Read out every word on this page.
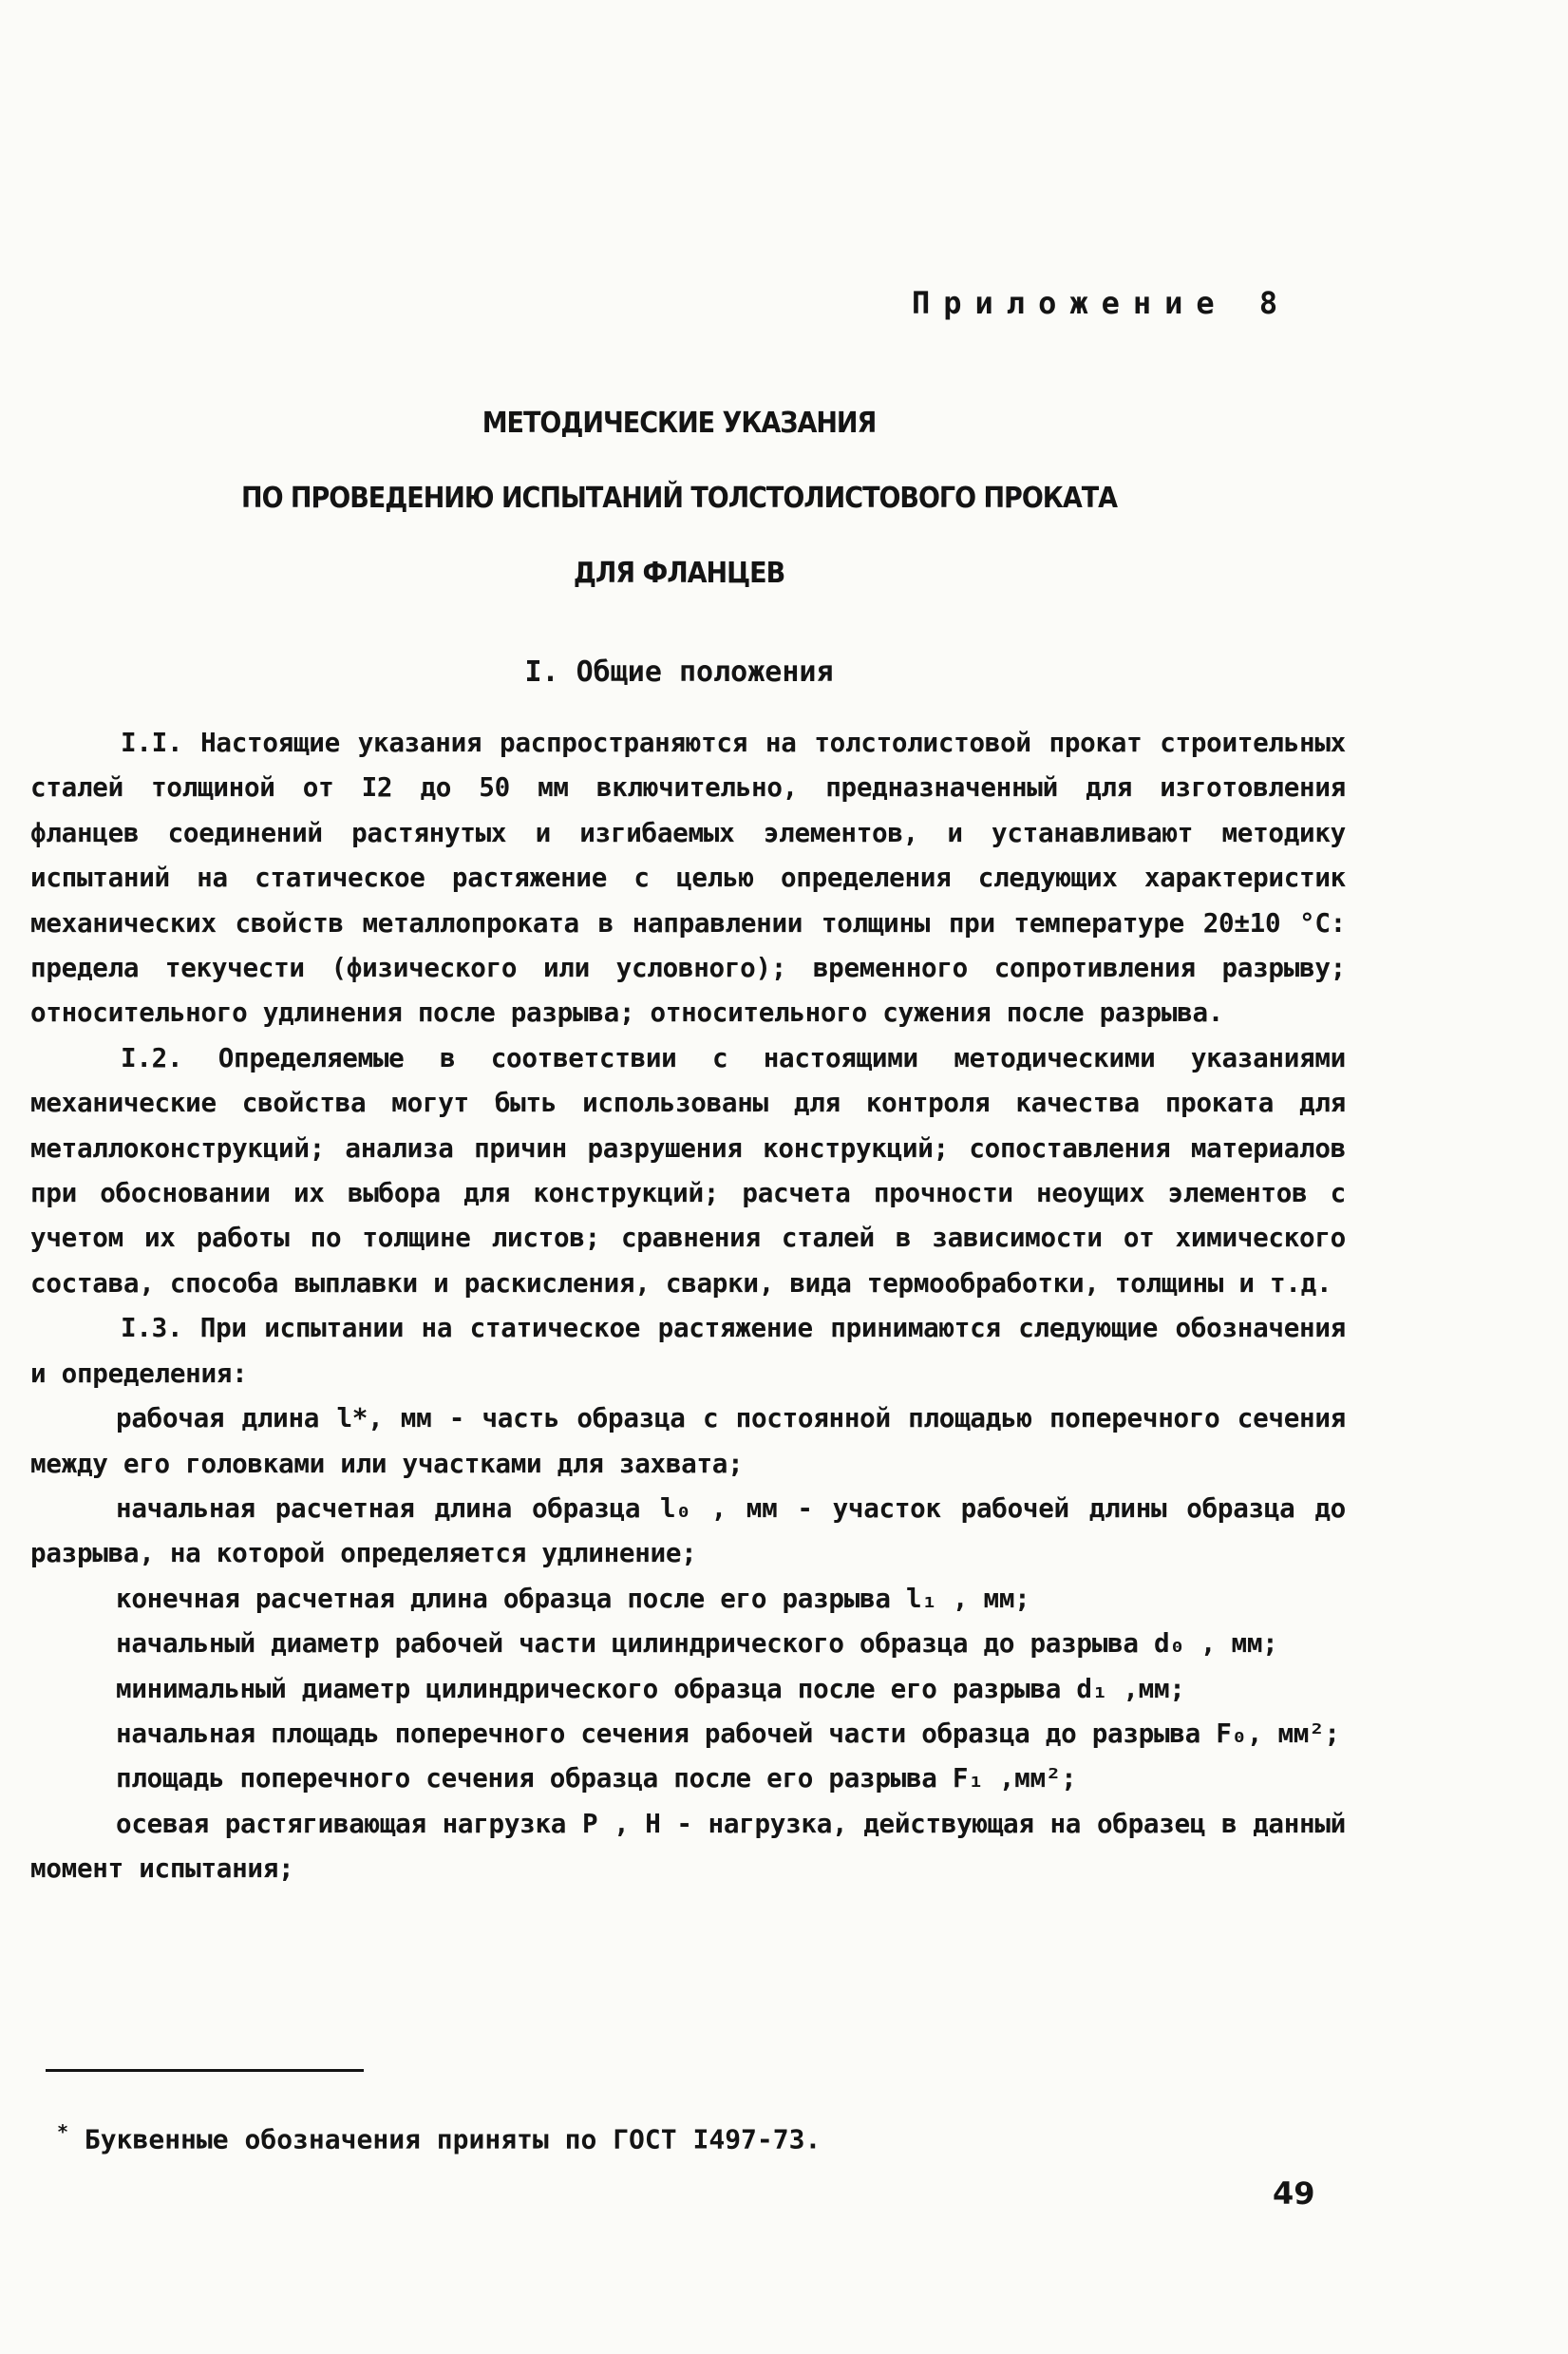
Приложение 8
МЕТОДИЧЕСКИЕ УКАЗАНИЯ
ПО ПРОВЕДЕНИЮ ИСПЫТАНИЙ ТОЛСТОЛИСТОВОГО ПРОКАТА
ДЛЯ ФЛАНЦЕВ
I. Общие положения

I.I. Настоящие указания распространяются на толстолистовой прокат строительных сталей толщиной от I2 до 50 мм включительно, предназначенный для изготовления фланцев соединений растянутых и изгибаемых элементов, и устанавливают методику испытаний на статическое растяжение с целью определения следующих характеристик механических свойств металлопроката в направлении толщины при температуре 20±10 °С: предела текучести (физического или условного); временного сопротивления разрыву; относительного удлинения после разрыва; относительного сужения после разрыва.

I.2. Определяемые в соответствии с настоящими методическими указаниями механические свойства могут быть использованы для контроля качества проката для металлоконструкций; анализа причин разрушения конструкций; сопоставления материалов при обосновании их выбора для конструкций; расчета прочности неоущих элементов с учетом их работы по толщине листов; сравнения сталей в зависимости от химического состава, способа выплавки и раскисления, сварки, вида термообработки, толщины и т.д.

I.3. При испытании на статическое растяжение принимаются следующие обозначения и определения:

рабочая длина l*, мм - часть образца с постоянной площадью поперечного сечения между его головками или участками для захвата;

начальная расчетная длина образца l₀ , мм - участок рабочей длины образца до разрыва, на которой определяется удлинение;

конечная расчетная длина образца после его разрыва l₁ , мм;

начальный диаметр рабочей части цилиндрического образца до разрыва d₀ , мм;

минимальный диаметр цилиндрического образца после его разрыва d₁ ,мм;

начальная площадь поперечного сечения рабочей части образца до разрыва F₀, мм²;

площадь поперечного сечения образца после его разрыва F₁ ,мм²;

осевая растягивающая нагрузка P , H - нагрузка, действующая на образец в данный момент испытания;

* Буквенные обозначения приняты по ГОСТ I497-73.
49
